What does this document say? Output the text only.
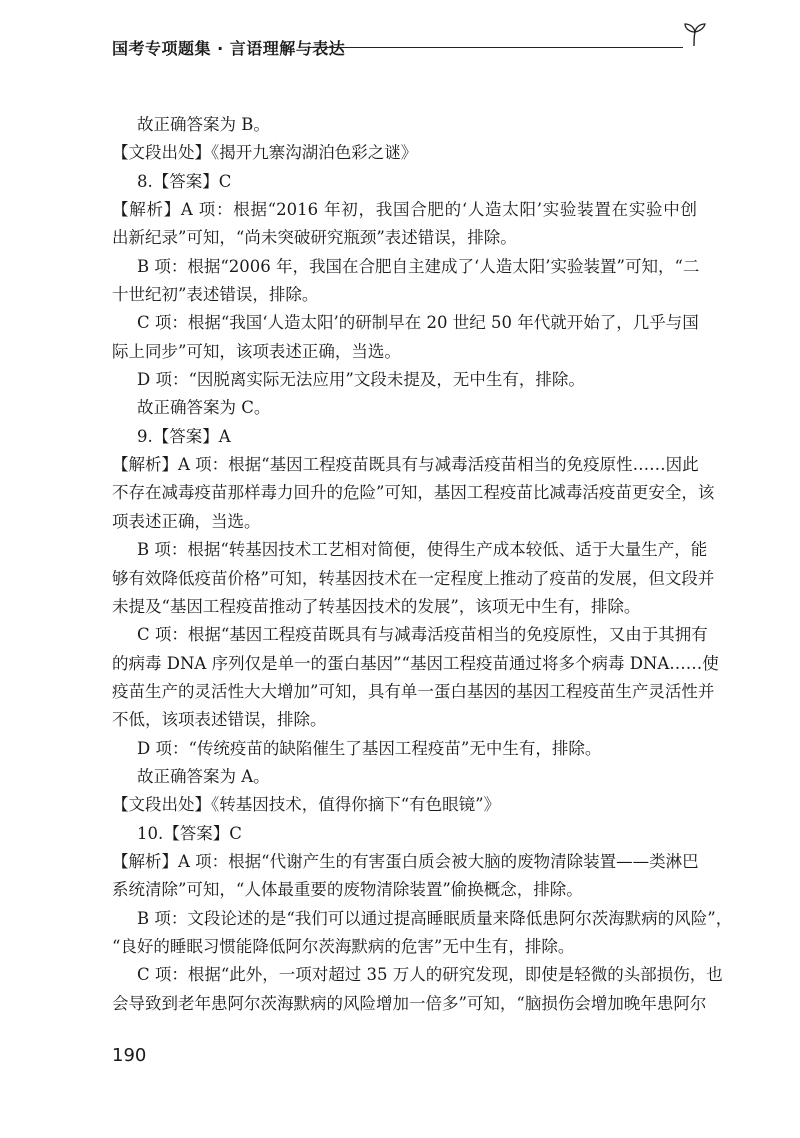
国考专项题集 · 言语理解与表达
故正确答案为 B。
【文段出处】《揭开九寨沟湖泊色彩之谜》
8.【答案】C
【解析】A 项：根据“2016 年初，我国合肥的‘人造太阳’实验装置在实验中创
出新纪录”可知，“尚未突破研究瓶颈”表述错误，排除。
B 项：根据“2006 年，我国在合肥自主建成了‘人造太阳’实验装置”可知，“二
十世纪初”表述错误，排除。
C 项：根据“我国‘人造太阳’的研制早在 20 世纪 50 年代就开始了，几乎与国
际上同步”可知，该项表述正确，当选。
D 项：“因脱离实际无法应用”文段未提及，无中生有，排除。
故正确答案为 C。
9.【答案】A
【解析】A 项：根据“基因工程疫苗既具有与减毒活疫苗相当的免疫原性……因此
不存在减毒疫苗那样毒力回升的危险”可知，基因工程疫苗比减毒活疫苗更安全，该
项表述正确，当选。
B 项：根据“转基因技术工艺相对简便，使得生产成本较低、适于大量生产，能
够有效降低疫苗价格”可知，转基因技术在一定程度上推动了疫苗的发展，但文段并
未提及“基因工程疫苗推动了转基因技术的发展”，该项无中生有，排除。
C 项：根据“基因工程疫苗既具有与减毒活疫苗相当的免疫原性，又由于其拥有
的病毒 DNA 序列仅是单一的蛋白基因”“基因工程疫苗通过将多个病毒 DNA……使
疫苗生产的灵活性大大增加”可知，具有单一蛋白基因的基因工程疫苗生产灵活性并
不低，该项表述错误，排除。
D 项：“传统疫苗的缺陷催生了基因工程疫苗”无中生有，排除。
故正确答案为 A。
【文段出处】《转基因技术，值得你摘下“有色眼镜”》
10.【答案】C
【解析】A 项：根据“代谢产生的有害蛋白质会被大脑的废物清除装置——类淋巴
系统清除”可知，“人体最重要的废物清除装置”偷换概念，排除。
B 项：文段论述的是“我们可以通过提高睡眠质量来降低患阿尔茨海默病的风险”，
“良好的睡眠习惯能降低阿尔茨海默病的危害”无中生有，排除。
C 项：根据“此外，一项对超过 35 万人的研究发现，即使是轻微的头部损伤，也
会导致到老年患阿尔茨海默病的风险增加一倍多”可知，“脑损伤会增加晚年患阿尔
190
